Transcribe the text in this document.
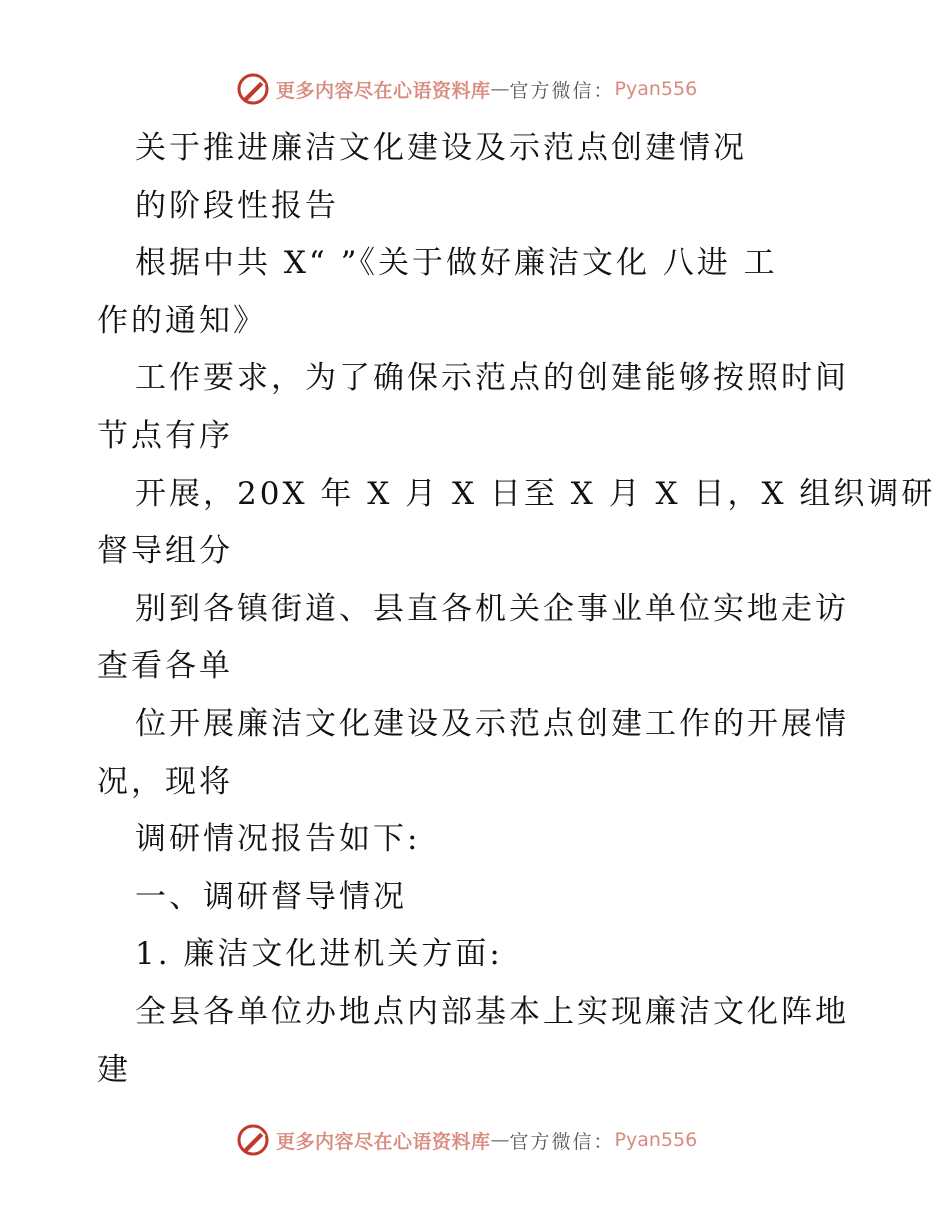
更多内容尽在心语资料库 — 官方微信： Pyan556
关于推进廉洁文化建设及示范点创建情况
的阶段性报告
根据中共 X“ ”《关于做好廉洁文化 八进 工
作的通知》
工作要求，为了确保示范点的创建能够按照时间
节点有序
开展，20X 年 X 月 X 日至 X 月 X 日，X 组织调研
督导组分
别到各镇街道、县直各机关企事业单位实地走访
查看各单
位开展廉洁文化建设及示范点创建工作的开展情
况，现将
调研情况报告如下:
一、调研督导情况
1. 廉洁文化进机关方面:
全县各单位办地点内部基本上实现廉洁文化阵地
建
更多内容尽在心语资料库 — 官方微信： Pyan556
